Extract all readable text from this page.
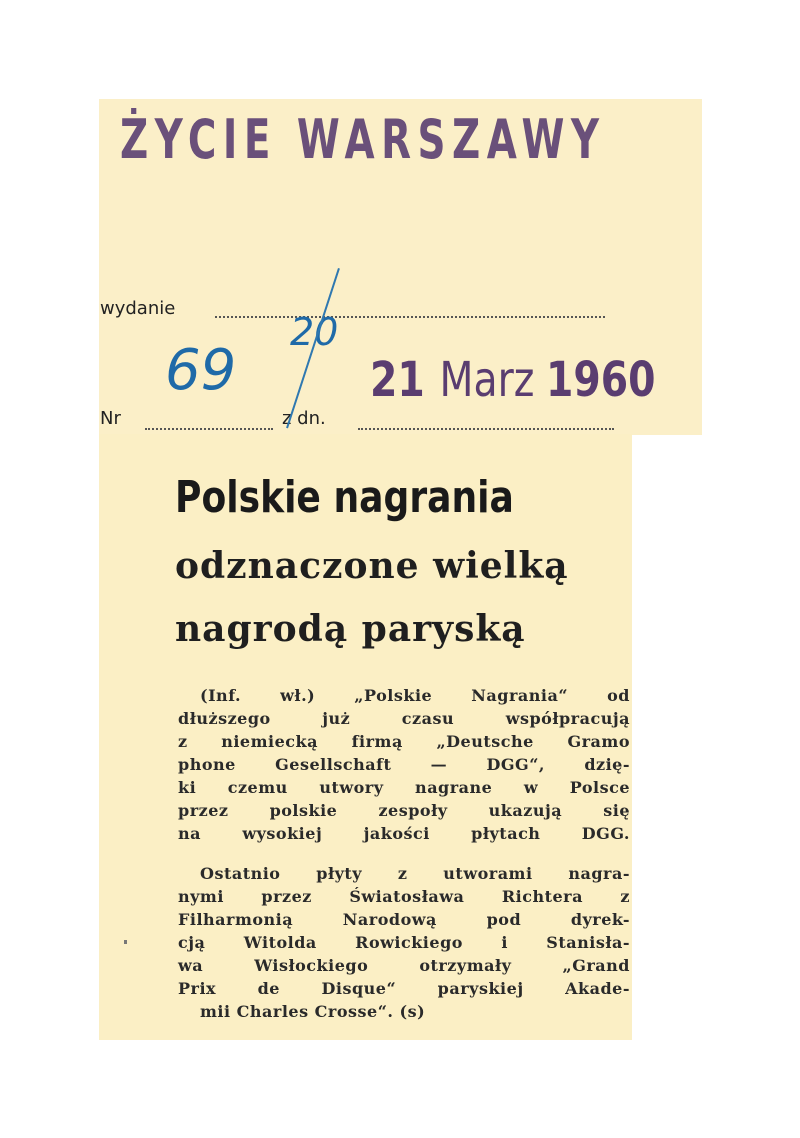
ŻYCIE WARSZAWY
wydanie
Nr	z dn.
69
20
21 Marz 1960
Polskie nagrania
odznaczone wielką
nagrodą paryską
(Inf. wł.) „Polskie Nagrania“ od
dłuższego już czasu współpracują
z niemiecką firmą „Deutsche Gramo
phone Gesellschaft — DGG“, dzię-
ki czemu utwory nagrane w Polsce
przez polskie zespoły ukazują się
na wysokiej jakości płytach DGG.
Ostatnio płyty z utworami nagra-
nymi przez Światosława Richtera z
Filharmonią Narodową pod dyrek-
cją Witolda Rowickiego i Stanisła-
wa Wisłockiego otrzymały „Grand
Prix de Disque“ paryskiej Akade-
mii Charles Crosse“. (s)
